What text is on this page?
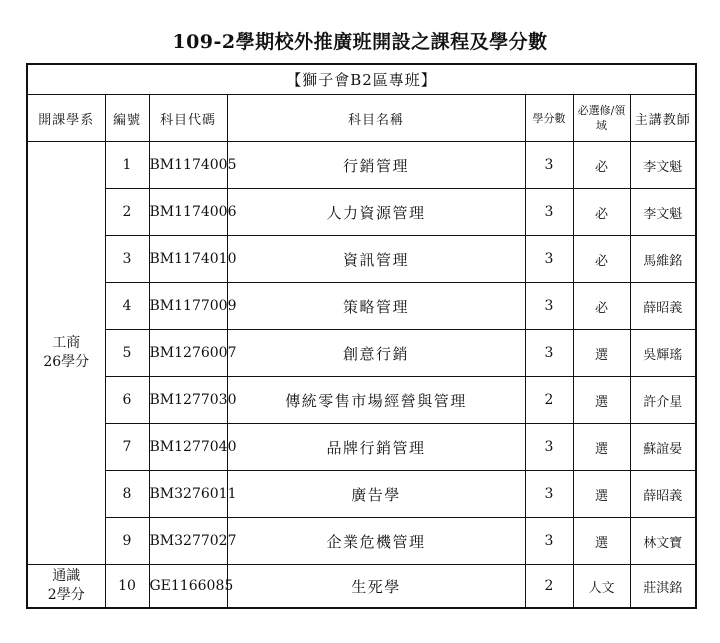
109-2學期校外推廣班開設之課程及學分數
【獅子會B2區專班】						
開課學系	編號	科目代碼	科目名稱	學分數	必選修/領域	主講教師
工商
26學分	1	BM1174005	行銷管理	3	必	李文魁
	2	BM1174006	人力資源管理	3	必	李文魁
	3	BM1174010	資訊管理	3	必	馬維銘
	4	BM1177009	策略管理	3	必	薛昭義
	5	BM1276007	創意行銷	3	選	吳輝瑤
	6	BM1277030	傳統零售市場經營與管理	2	選	許介星
	7	BM1277040	品牌行銷管理	3	選	蘇誼晏
	8	BM3276011	廣告學	3	選	薛昭義
	9	BM3277027	企業危機管理	3	選	林文寶
通識
2學分	10	GE1166085	生死學	2	人文	莊淇銘
